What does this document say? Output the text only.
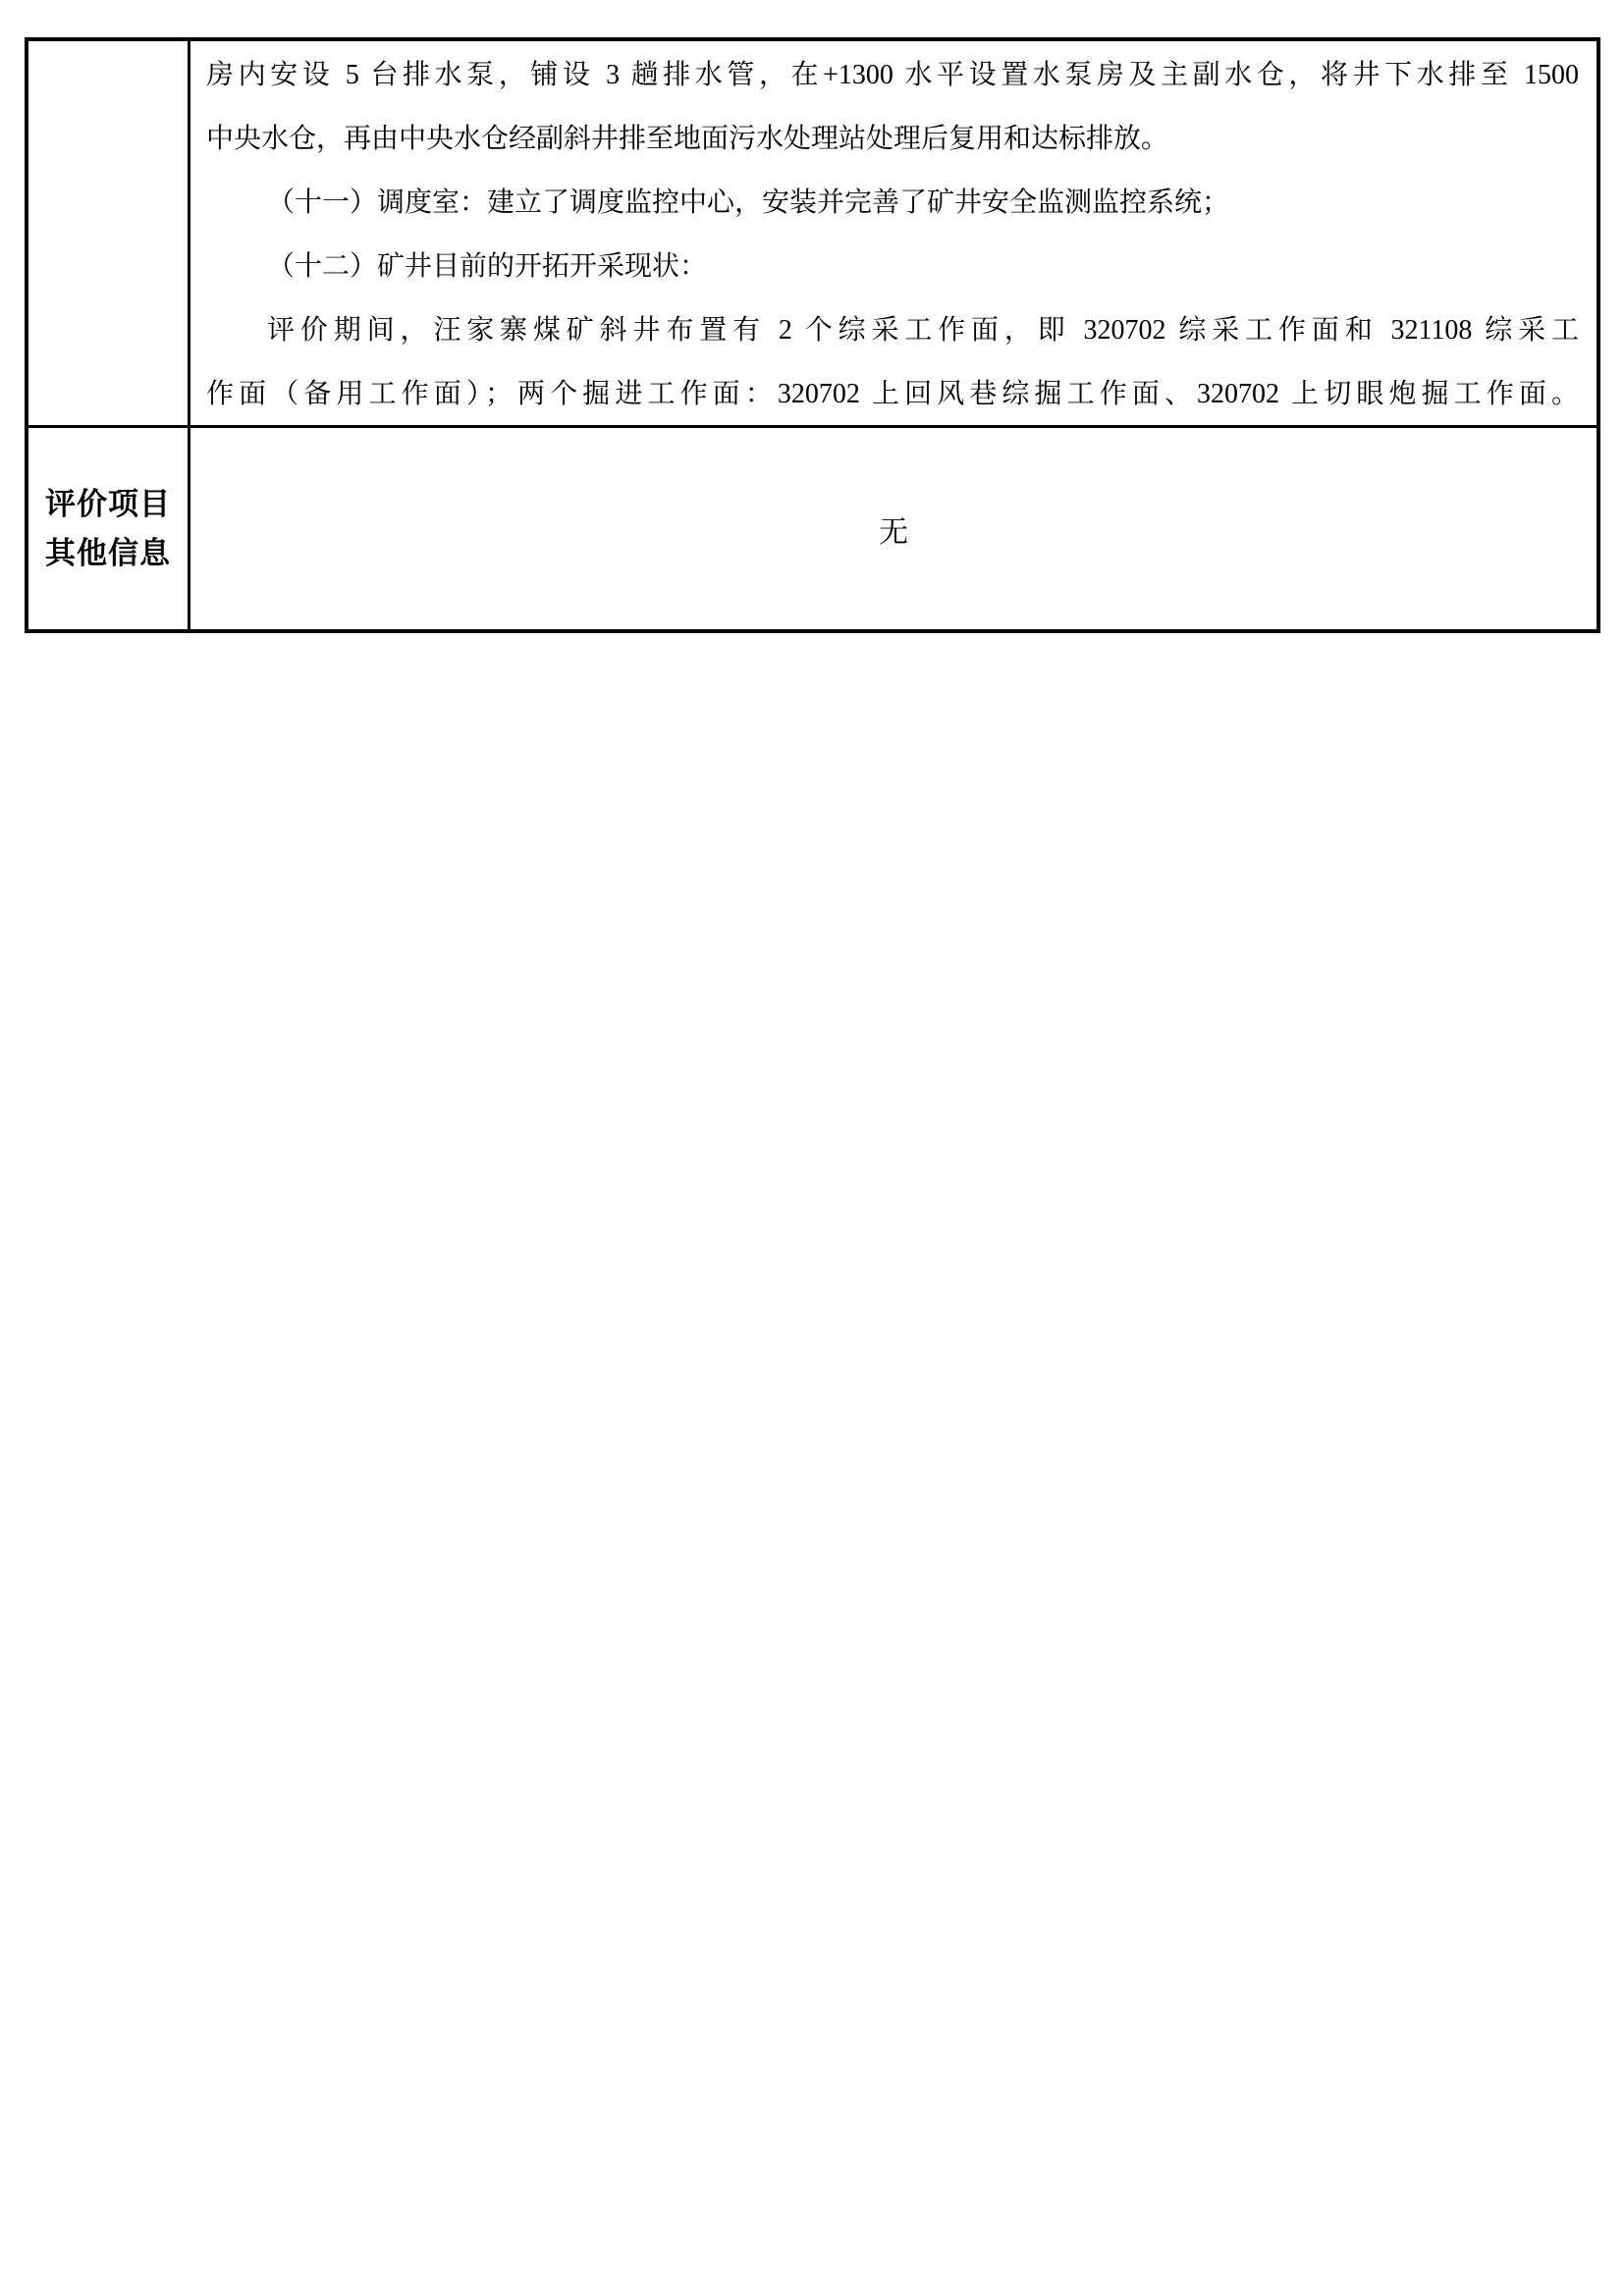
房内安设 5 台排水泵，铺设 3 趟排水管，在+1300 水平设置水泵房及主副水仓，将井下水排至 1500
中央水仓，再由中央水仓经副斜井排至地面污水处理站处理后复用和达标排放。
（十一）调度室：建立了调度监控中心，安装并完善了矿井安全监测监控系统；
（十二）矿井目前的开拓开采现状：
评价期间，汪家寨煤矿斜井布置有 2 个综采工作面，即 320702 综采工作面和 321108 综采工
作面（备用工作面）；两个掘进工作面：320702 上回风巷综掘工作面、320702 上切眼炮掘工作面。
评价项目
其他信息
无
